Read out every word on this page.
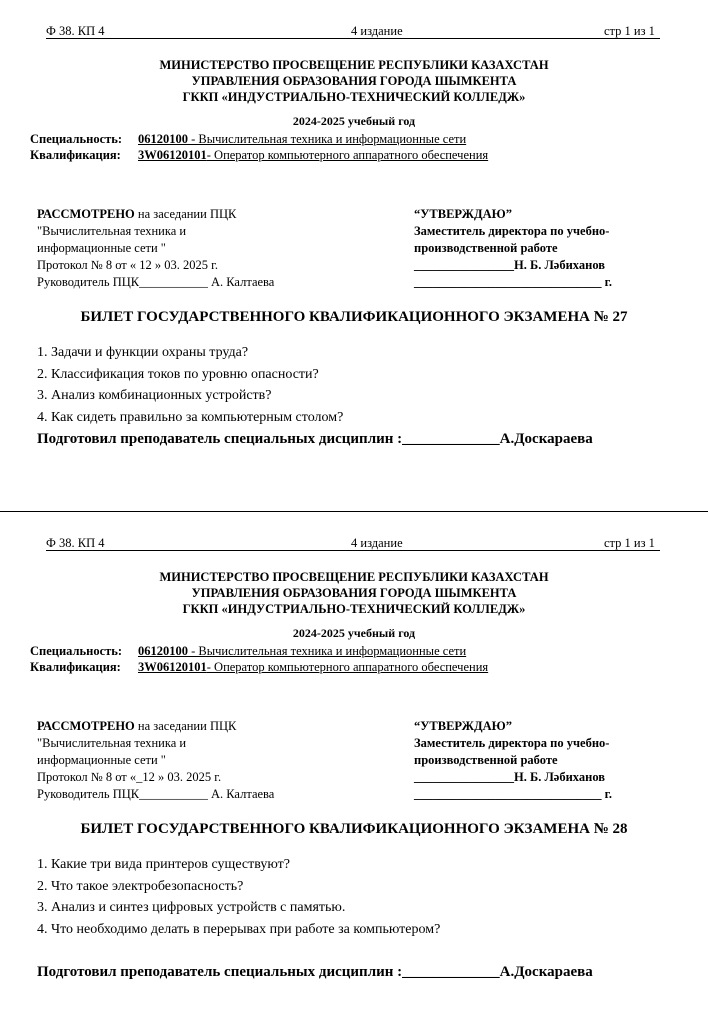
Ф 38. КП 4	4 издание	стр 1 из 1
МИНИСТЕРСТВО ПРОСВЕЩЕНИЕ РЕСПУБЛИКИ КАЗАХСТАН
УПРАВЛЕНИЯ ОБРАЗОВАНИЯ ГОРОДА ШЫМКЕНТА
ГККП «ИНДУСТРИАЛЬНО-ТЕХНИЧЕСКИЙ КОЛЛЕДЖ»
2024-2025 учебный год
Специальность: 06120100 - Вычислительная техника и информационные сети
Квалификация: 3W06120101- Оператор компьютерного аппаратного обеспечения
РАССМОТРЕНО на заседании ПЦК
"Вычислительная техника и
информационные сети "
Протокол № 8 от « 12 » 03. 2025 г.
Руководитель ПЦК___________ А. Калтаева
“УТВЕРЖДАЮ”
Заместитель директора по учебно-
производственной работе
________________Н. Б. Лəбиханов
______________________________ г.
БИЛЕТ ГОСУДАРСТВЕННОГО КВАЛИФИКАЦИОННОГО ЭКЗАМЕНА № 27
1. Задачи и функции охраны труда?
2. Классификация токов по уровню опасности?
3. Анализ комбинационных устройств?
4. Как сидеть правильно за компьютерным столом?
Подготовил преподаватель специальных дисциплин :_____________А.Доскараева
Ф 38. КП 4	4 издание	стр 1 из 1
МИНИСТЕРСТВО ПРОСВЕЩЕНИЕ РЕСПУБЛИКИ КАЗАХСТАН
УПРАВЛЕНИЯ ОБРАЗОВАНИЯ ГОРОДА ШЫМКЕНТА
ГККП «ИНДУСТРИАЛЬНО-ТЕХНИЧЕСКИЙ КОЛЛЕДЖ»
2024-2025 учебный год
Специальность: 06120100 - Вычислительная техника и информационные сети
Квалификация: 3W06120101- Оператор компьютерного аппаратного обеспечения
РАССМОТРЕНО на заседании ПЦК
"Вычислительная техника и
информационные сети "
Протокол № 8 от «_12 » 03. 2025 г.
Руководитель ПЦК___________ А. Калтаева
“УТВЕРЖДАЮ”
Заместитель директора по учебно-
производственной работе
________________Н. Б. Лəбиханов
______________________________ г.
БИЛЕТ ГОСУДАРСТВЕННОГО КВАЛИФИКАЦИОННОГО ЭКЗАМЕНА № 28
1. Какие три вида принтеров существуют?
2. Что такое электробезопасность?
3. Анализ и синтез цифровых устройств с памятью.
4. Что необходимо делать в перерывах при работе за компьютером?
Подготовил преподаватель специальных дисциплин :_____________А.Доскараева
